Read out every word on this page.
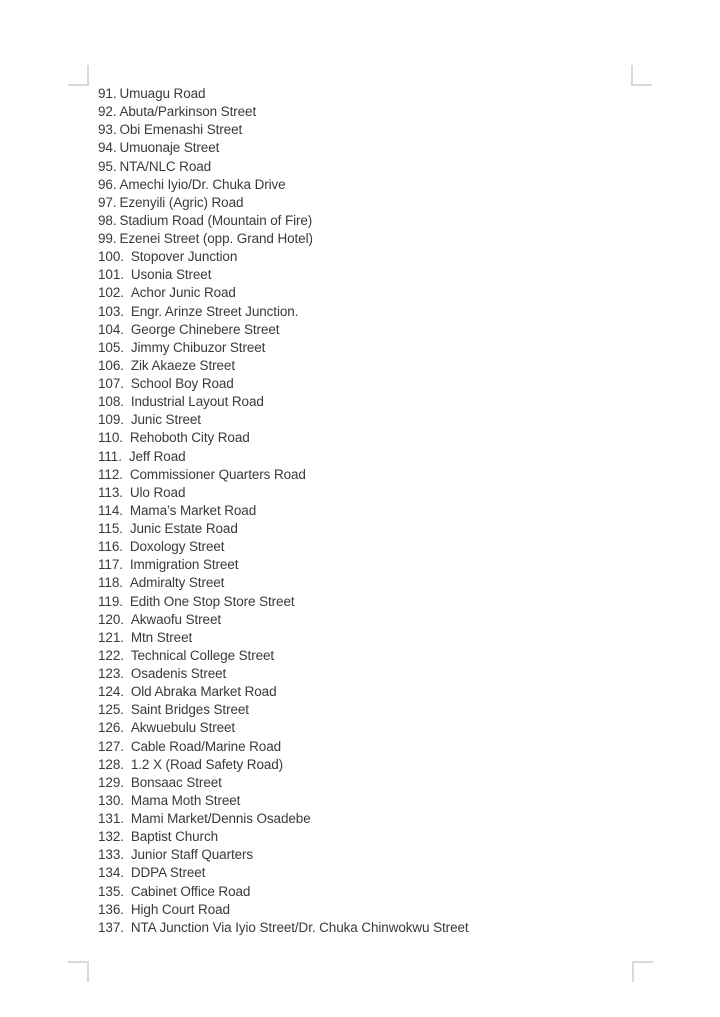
91. Umuagu Road
92. Abuta/Parkinson Street
93. Obi Emenashi Street
94. Umuonaje Street
95. NTA/NLC Road
96. Amechi Iyio/Dr. Chuka Drive
97. Ezenyili (Agric) Road
98. Stadium Road (Mountain of Fire)
99. Ezenei Street (opp. Grand Hotel)
100. Stopover Junction
101. Usonia Street
102. Achor Junic Road
103. Engr. Arinze Street Junction.
104. George Chinebere Street
105. Jimmy Chibuzor Street
106. Zik Akaeze Street
107. School Boy Road
108. Industrial Layout Road
109. Junic Street
110. Rehoboth City Road
111. Jeff Road
112. Commissioner Quarters Road
113. Ulo Road
114. Mama’s Market Road
115. Junic Estate Road
116. Doxology Street
117. Immigration Street
118. Admiralty Street
119. Edith One Stop Store Street
120. Akwaofu Street
121. Mtn Street
122. Technical College Street
123. Osadenis Street
124. Old Abraka Market Road
125. Saint Bridges Street
126. Akwuebulu Street
127. Cable Road/Marine Road
128. 1.2 X (Road Safety Road)
129. Bonsaac Street
130. Mama Moth Street
131. Mami Market/Dennis Osadebe
132. Baptist Church
133. Junior Staff Quarters
134. DDPA Street
135. Cabinet Office Road
136. High Court Road
137. NTA Junction Via Iyio Street/Dr. Chuka Chinwokwu Street
